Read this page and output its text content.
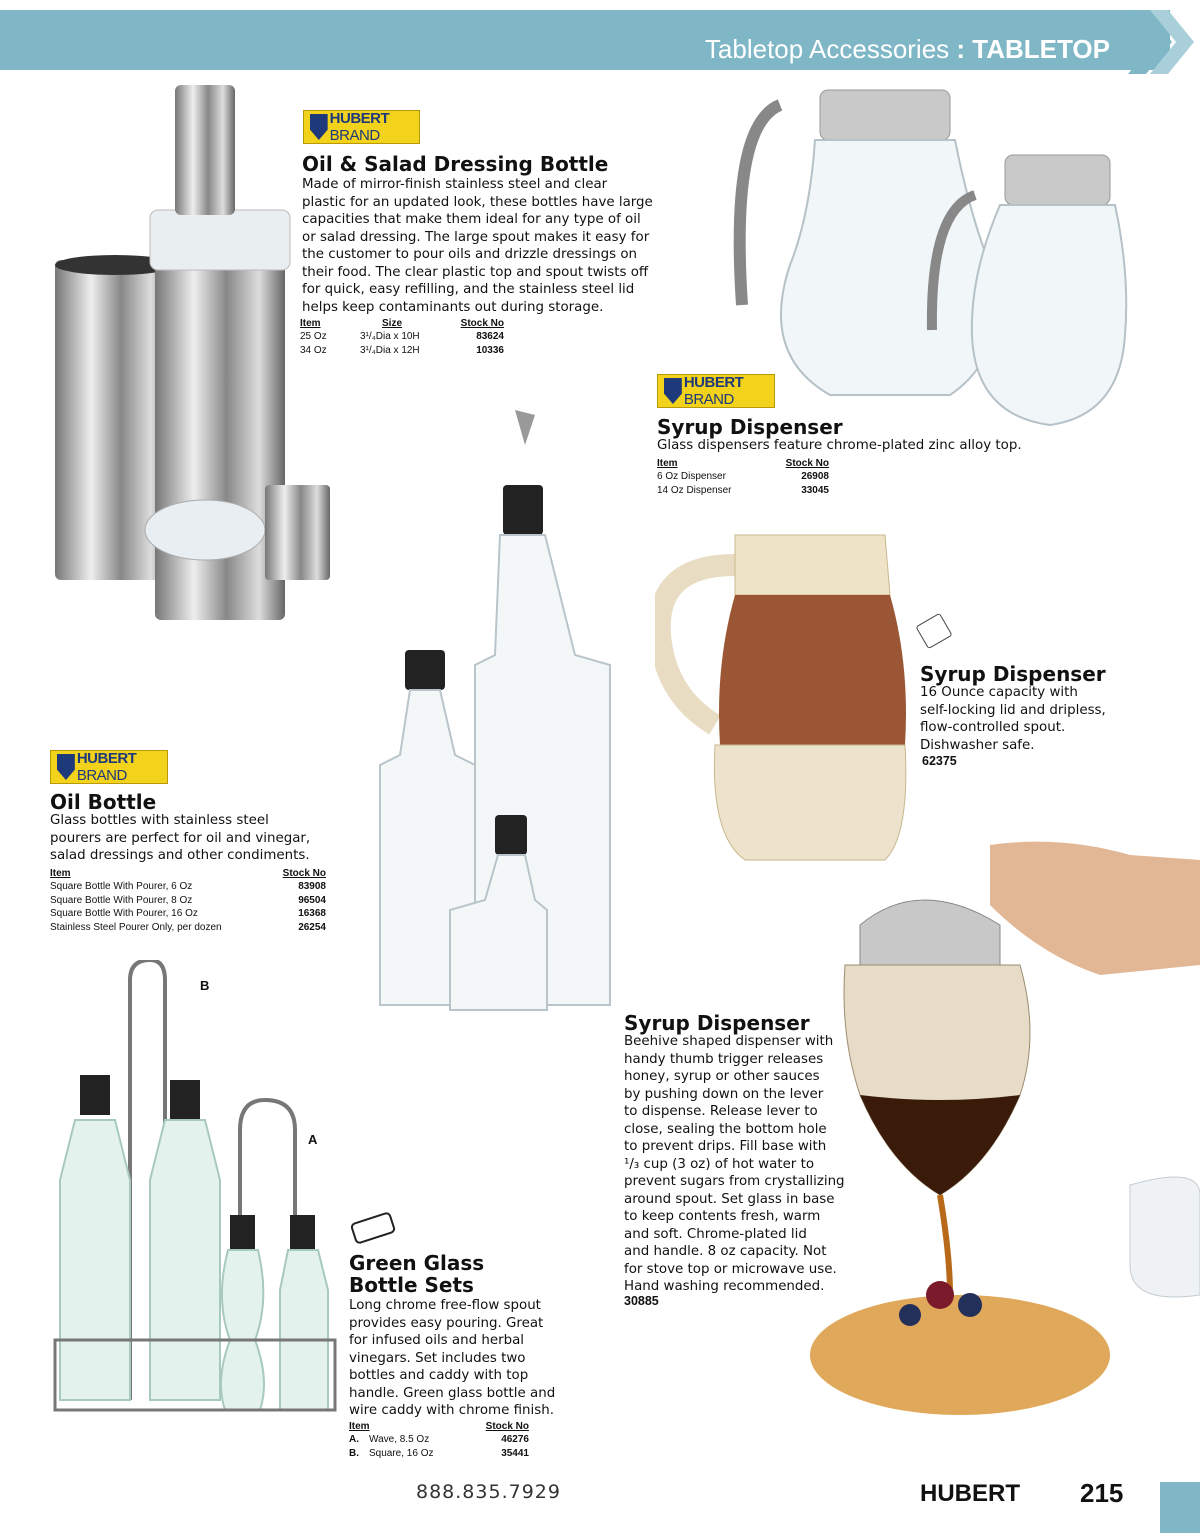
Tabletop Accessories : TABLETOP
HUBERT BRAND
Oil & Salad Dressing Bottle
Made of mirror-finish stainless steel and clear
plastic for an updated look, these bottles have large
capacities that make them ideal for any type of oil
or salad dressing. The large spout makes it easy for
the customer to pour oils and drizzle dressings on
their food. The clear plastic top and spout twists off
for quick, easy refilling, and the stainless steel lid
helps keep contaminants out during storage.
Item	Size	Stock No
25 Oz	3¹/₄Dia x 10H	83624
34 Oz	3¹/₄Dia x 12H	10336
HUBERT BRAND
Syrup Dispenser
Glass dispensers feature chrome-plated zinc alloy top.
Item	Stock No
6 Oz Dispenser	26908
14 Oz Dispenser	33045
Syrup Dispenser
16 Ounce capacity with
self-locking lid and dripless,
flow-controlled spout.
Dishwasher safe.
62375
HUBERT BRAND
Oil Bottle
Glass bottles with stainless steel
pourers are perfect for oil and vinegar,
salad dressings and other condiments.
Item	Stock No
Square Bottle With Pourer, 6 Oz	83908
Square Bottle With Pourer, 8 Oz	96504
Square Bottle With Pourer, 16 Oz	16368
Stainless Steel Pourer Only, per dozen	26254
Syrup Dispenser
Beehive shaped dispenser with
handy thumb trigger releases
honey, syrup or other sauces
by pushing down on the lever
to dispense. Release lever to
close, sealing the bottom hole
to prevent drips. Fill base with
¹/₃ cup (3 oz) of hot water to
prevent sugars from crystallizing
around spout. Set glass in base
to keep contents fresh, warm
and soft. Chrome-plated lid
and handle. 8 oz capacity. Not
for stove top or microwave use.
Hand washing recommended.
30885
B
A
Green Glass
Bottle Sets
Long chrome free-flow spout
provides easy pouring. Great
for infused oils and herbal
vinegars. Set includes two
bottles and caddy with top
handle. Green glass bottle and
wire caddy with chrome finish.
Item		Stock No
A.	Wave, 8.5 Oz	46276
B.	Square, 16 Oz	35441
888.835.7929	HUBERT 215
